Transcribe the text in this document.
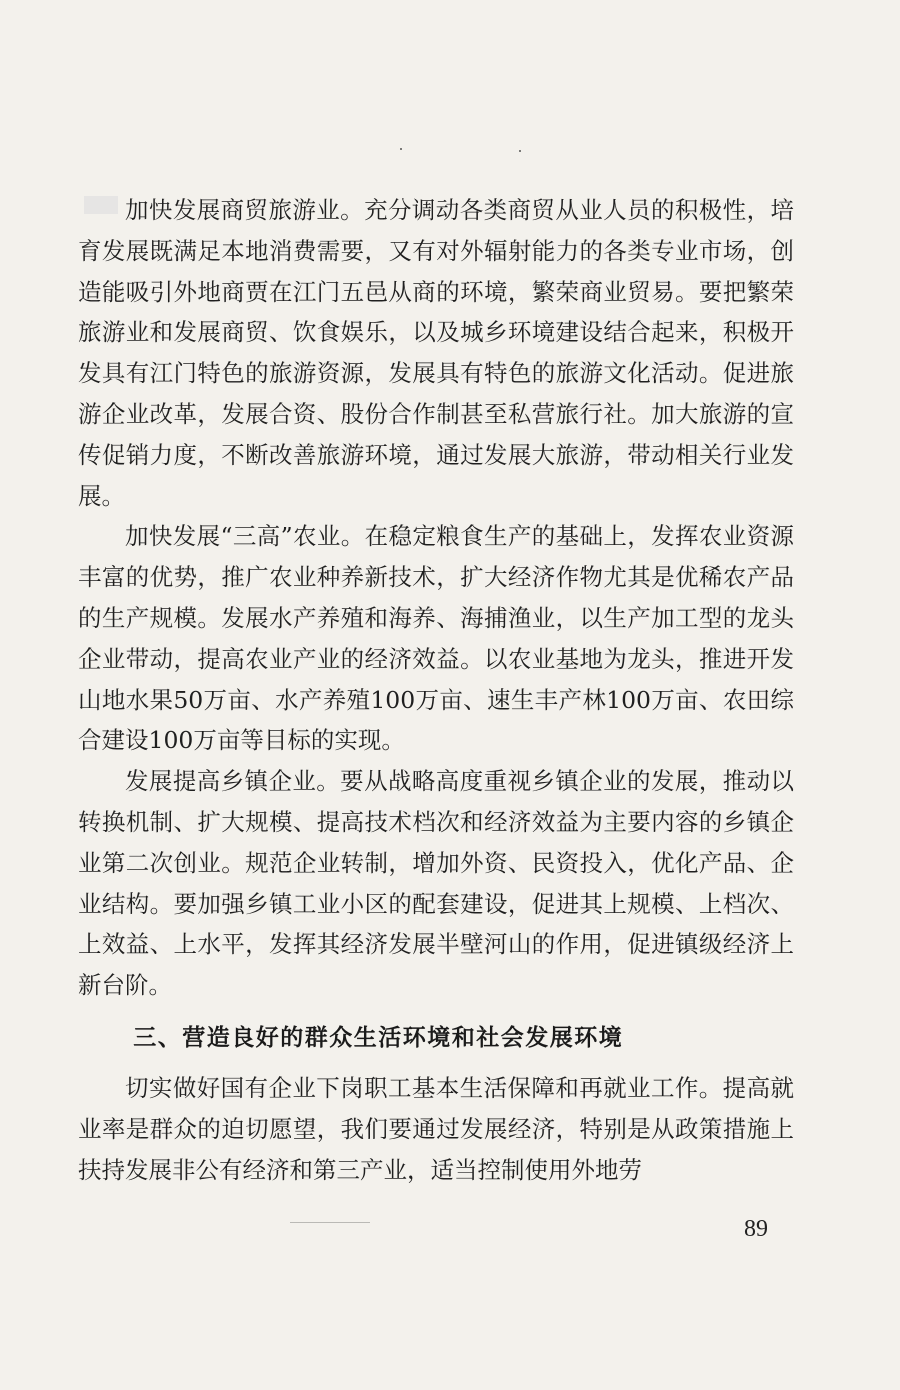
加快发展商贸旅游业。充分调动各类商贸从业人员的积极性，培育发展既满足本地消费需要，又有对外辐射能力的各类专业市场，创造能吸引外地商贾在江门五邑从商的环境，繁荣商业贸易。要把繁荣旅游业和发展商贸、饮食娱乐，以及城乡环境建设结合起来，积极开发具有江门特色的旅游资源，发展具有特色的旅游文化活动。促进旅游企业改革，发展合资、股份合作制甚至私营旅行社。加大旅游的宣传促销力度，不断改善旅游环境，通过发展大旅游，带动相关行业发展。

加快发展“三高”农业。在稳定粮食生产的基础上，发挥农业资源丰富的优势，推广农业种养新技术，扩大经济作物尤其是优稀农产品的生产规模。发展水产养殖和海养、海捕渔业，以生产加工型的龙头企业带动，提高农业产业的经济效益。以农业基地为龙头，推进开发山地水果50万亩、水产养殖100万亩、速生丰产林100万亩、农田综合建设100万亩等目标的实现。

发展提高乡镇企业。要从战略高度重视乡镇企业的发展，推动以转换机制、扩大规模、提高技术档次和经济效益为主要内容的乡镇企业第二次创业。规范企业转制，增加外资、民资投入，优化产品、企业结构。要加强乡镇工业小区的配套建设，促进其上规模、上档次、上效益、上水平，发挥其经济发展半壁河山的作用，促进镇级经济上新台阶。

三、营造良好的群众生活环境和社会发展环境

切实做好国有企业下岗职工基本生活保障和再就业工作。提高就业率是群众的迫切愿望，我们要通过发展经济，特别是从政策措施上扶持发展非公有经济和第三产业，适当控制使用外地劳

89
